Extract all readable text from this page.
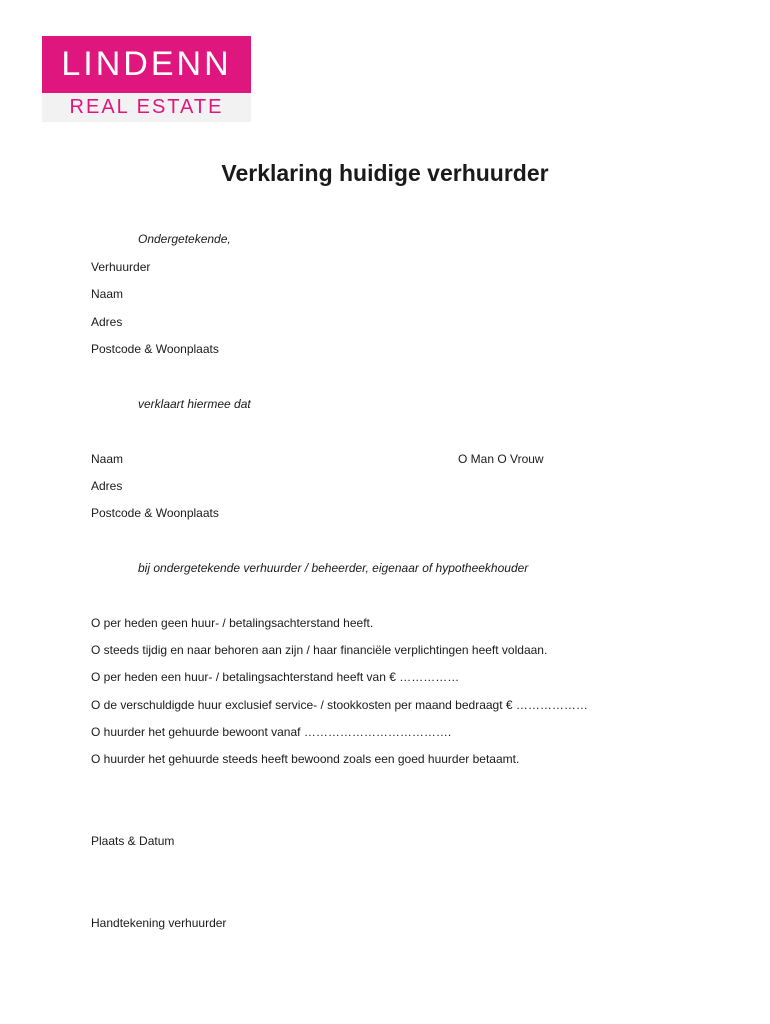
LINDENN
REAL ESTATE
Verklaring huidige verhuurder
Ondergetekende,
Verhuurder
Naam
Adres
Postcode & Woonplaats
verklaart hiermee dat
Naam	O Man O Vrouw
Adres
Postcode & Woonplaats
bij ondergetekende verhuurder / beheerder, eigenaar of hypotheekhouder
O per heden geen huur- / betalingsachterstand heeft.
O steeds tijdig en naar behoren aan zijn / haar financiële verplichtingen heeft voldaan.
O per heden een huur- / betalingsachterstand heeft van € ……………
O de verschuldigde huur exclusief service- / stookkosten per maand bedraagt € ………………
O huurder het gehuurde bewoont vanaf ……………………………….
O huurder het gehuurde steeds heeft bewoond zoals een goed huurder betaamt.
Plaats & Datum
Handtekening verhuurder
